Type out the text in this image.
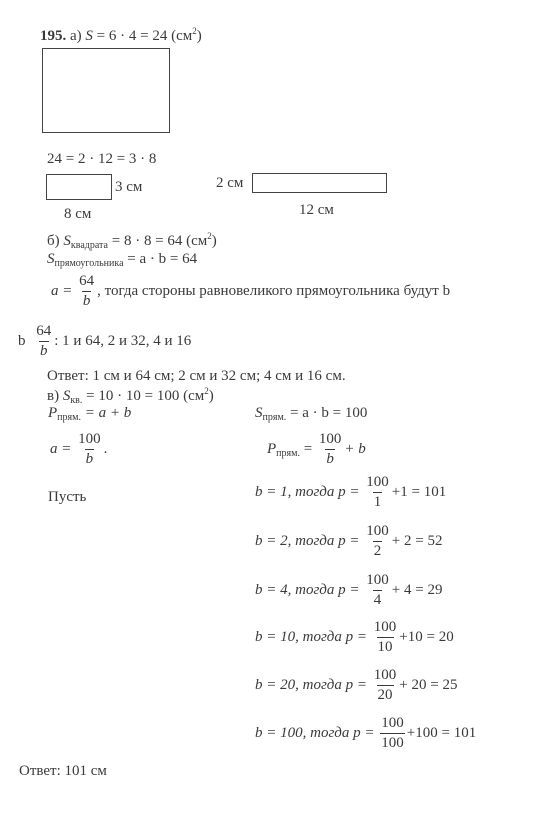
195. а) S = 6 · 4 = 24 $(см^2)$
24 = 2 · 12 = 3 · 8
3 см
8 см
2 см
12 см
б) $S_{квадрата} = 8 \cdot 8 = 64$ $(см^2)$
$S_{прямоугольника} = a \cdot b = 64$
$a = \frac{64}{b}$ , тогда стороны равновеликого прямоугольника будут b
b $\frac{64}{b}$ : 1 и 64, 2 и 32, 4 и 16
Ответ: 1 см и 64 см; 2 см и 32 см; 4 см и 16 см.
в) $S_{кв.} = 10 \cdot 10 = 100$ $(см^2)$
$P_{прям.} = a + b$	$S_{прям.} = a \cdot b = 100$
$a = \frac{100}{b}$ .	$P_{прям.} = \frac{100}{b} + b$
Пусть	b = 1, тогда $p = \frac{100}{1} +1 = 101$
b = 2, тогда $p = \frac{100}{2} + 2 = 52$
b = 4, тогда $p = \frac{100}{4} + 4 = 29$
b = 10, тогда $p = \frac{100}{10} +10 = 20$
b = 20, тогда $p = \frac{100}{20} + 20 = 25$
b = 100, тогда $p = \frac{100}{100} +100 = 101$
Ответ: 101 см
